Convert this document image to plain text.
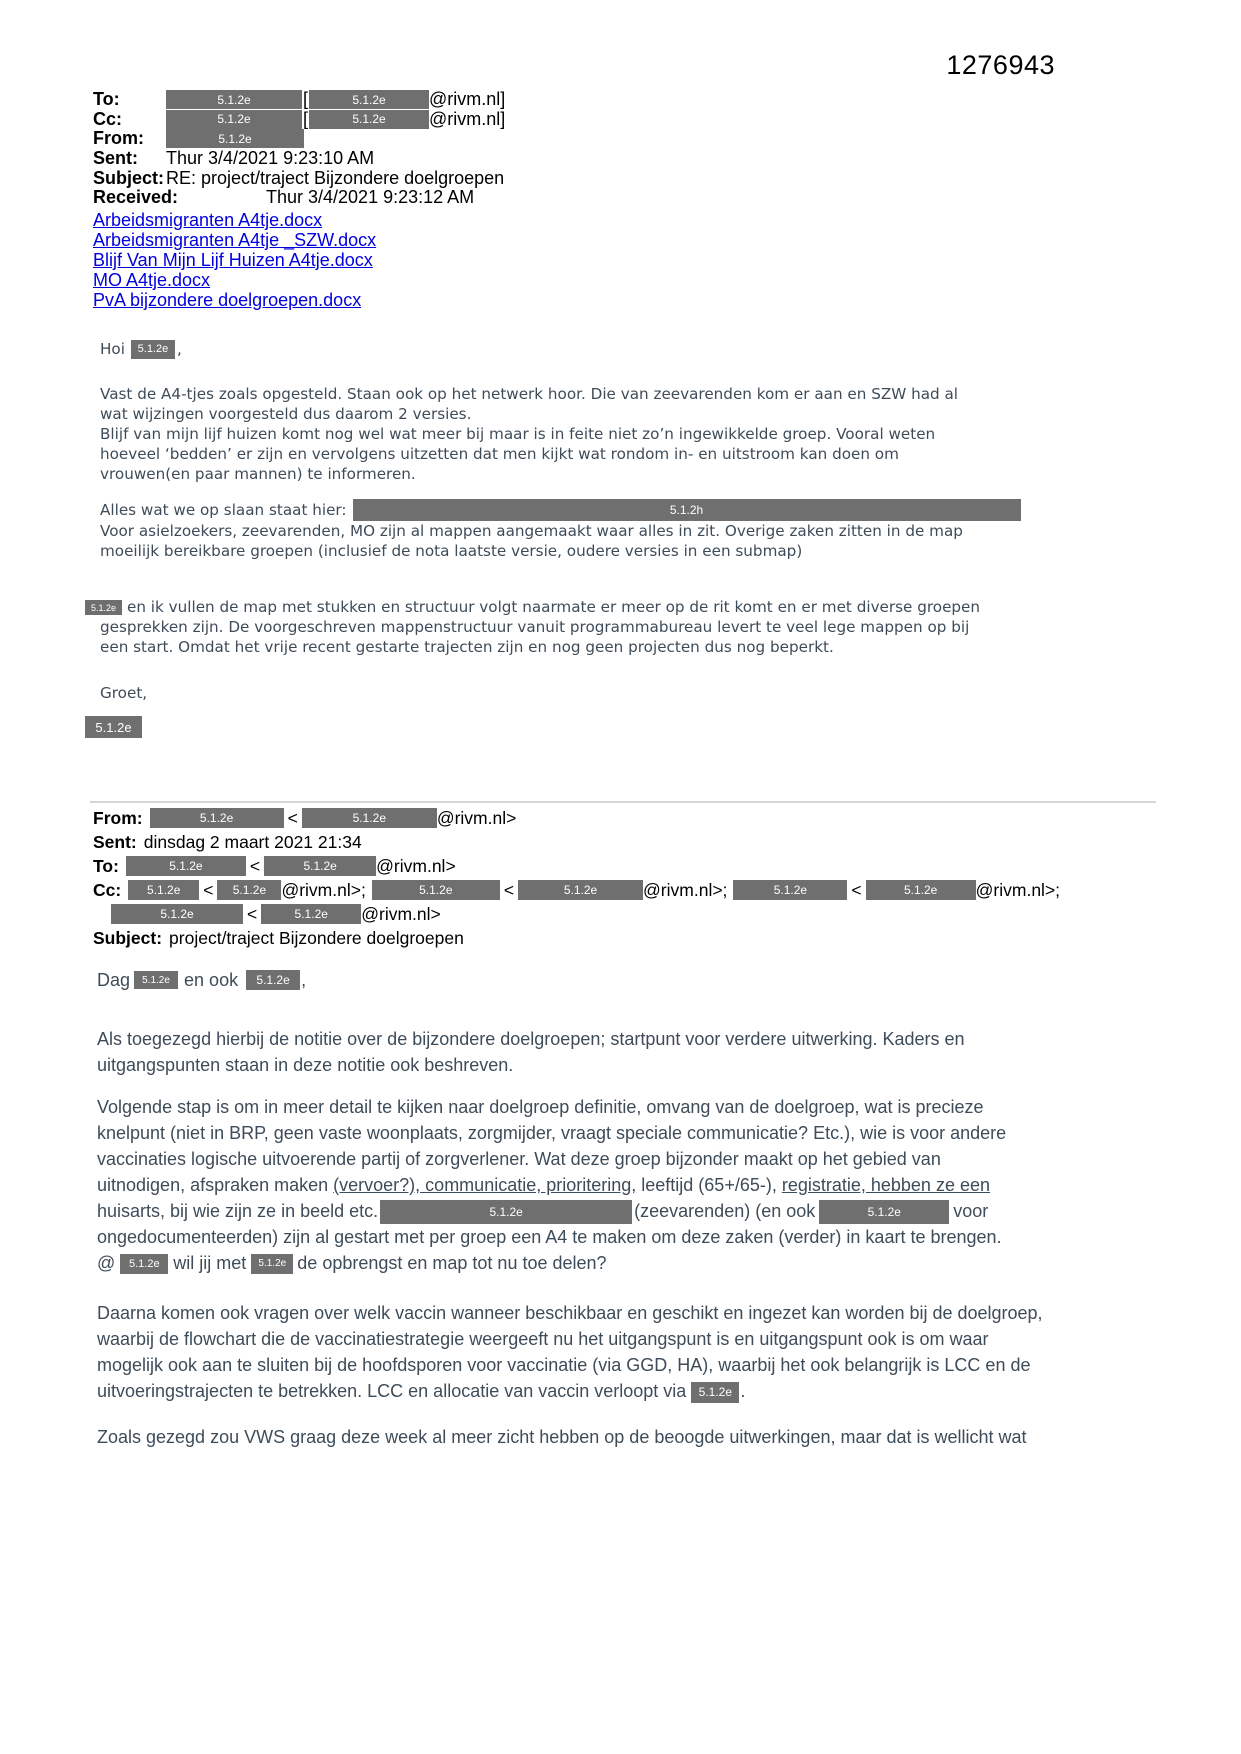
1276943
To:	5.1.2e	[	5.1.2e	@rivm.nl]
Cc:	5.1.2e	[	5.1.2e	@rivm.nl]
From:	5.1.2e
Sent:	Thur 3/4/2021 9:23:10 AM
Subject: RE: project/traject Bijzondere doelgroepen
Received:	Thur 3/4/2021 9:23:12 AM
Arbeidsmigranten A4tje.docx
Arbeidsmigranten A4tje _SZW.docx
Blijf Van Mijn Lijf Huizen A4tje.docx
MO A4tje.docx
PvA bijzondere doelgroepen.docx
Hoi	5.1.2e ,
Vast de A4-tjes zoals opgesteld. Staan ook op het netwerk hoor. Die van zeevarenden kom er aan en SZW had al
wat wijzingen voorgesteld dus daarom 2 versies.
Blijf van mijn lijf huizen komt nog wel wat meer bij maar is in feite niet zo’n ingewikkelde groep. Vooral weten
hoeveel ‘bedden’ er zijn en vervolgens uitzetten dat men kijkt wat rondom in- en uitstroom kan doen om
vrouwen(en paar mannen) te informeren.
Alles wat we op slaan staat hier:	5.1.2h
Voor asielzoekers, zeevarenden, MO zijn al mappen aangemaakt waar alles in zit. Overige zaken zitten in de map
moeilijk bereikbare groepen (inclusief de nota laatste versie, oudere versies in een submap)
5.1.2e en ik vullen de map met stukken en structuur volgt naarmate er meer op de rit komt en er met diverse groepen
gesprekken zijn. De voorgeschreven mappenstructuur vanuit programmabureau levert te veel lege mappen op bij
een start. Omdat het vrije recent gestarte trajecten zijn en nog geen projecten dus nog beperkt.
Groet,
5.1.2e
From:	5.1.2e	<	5.1.2e	@rivm.nl>
Sent: dinsdag 2 maart 2021 21:34
To:	5.1.2e	<	5.1.2e	@rivm.nl>
Cc:	5.1.2e	<	5.1.2e @rivm.nl>;	5.1.2e	<	5.1.2e	@rivm.nl>;	5.1.2e	<	5.1.2e	@rivm.nl>;
5.1.2e	<	5.1.2e	@rivm.nl>
Subject: project/traject Bijzondere doelgroepen
Dag	5.1.2e en ook	5.1.2e ,
Als toegezegd hierbij de notitie over de bijzondere doelgroepen; startpunt voor verdere uitwerking. Kaders en
uitgangspunten staan in deze notitie ook beshreven.
Volgende stap is om in meer detail te kijken naar doelgroep definitie, omvang van de doelgroep, wat is precieze
knelpunt (niet in BRP, geen vaste woonplaats, zorgmijder, vraagt speciale communicatie? Etc.), wie is voor andere
vaccinaties logische uitvoerende partij of zorgverlener. Wat deze groep bijzonder maakt op het gebied van
uitnodigen, afspraken maken (vervoer?), communicatie, prioritering, leeftijd (65+/65-), registratie, hebben ze een
huisarts, bij wie zijn ze in beeld etc.	5.1.2e	(zeevarenden) (en ook	5.1.2e	voor
ongedocumenteerden) zijn al gestart met per groep een A4 te maken om deze zaken (verder) in kaart te brengen.
@ 5.1.2e wil jij met 5.1.2e de opbrengst en map tot nu toe delen?
Daarna komen ook vragen over welk vaccin wanneer beschikbaar en geschikt en ingezet kan worden bij de doelgroep,
waarbij de flowchart die de vaccinatiestrategie weergeeft nu het uitgangspunt is en uitgangspunt ook is om waar
mogelijk ook aan te sluiten bij de hoofdsporen voor vaccinatie (via GGD, HA), waarbij het ook belangrijk is LCC en de
uitvoeringstrajecten te betrekken. LCC en allocatie van vaccin verloopt via 5.1.2e .
Zoals gezegd zou VWS graag deze week al meer zicht hebben op de beoogde uitwerkingen, maar dat is wellicht wat
